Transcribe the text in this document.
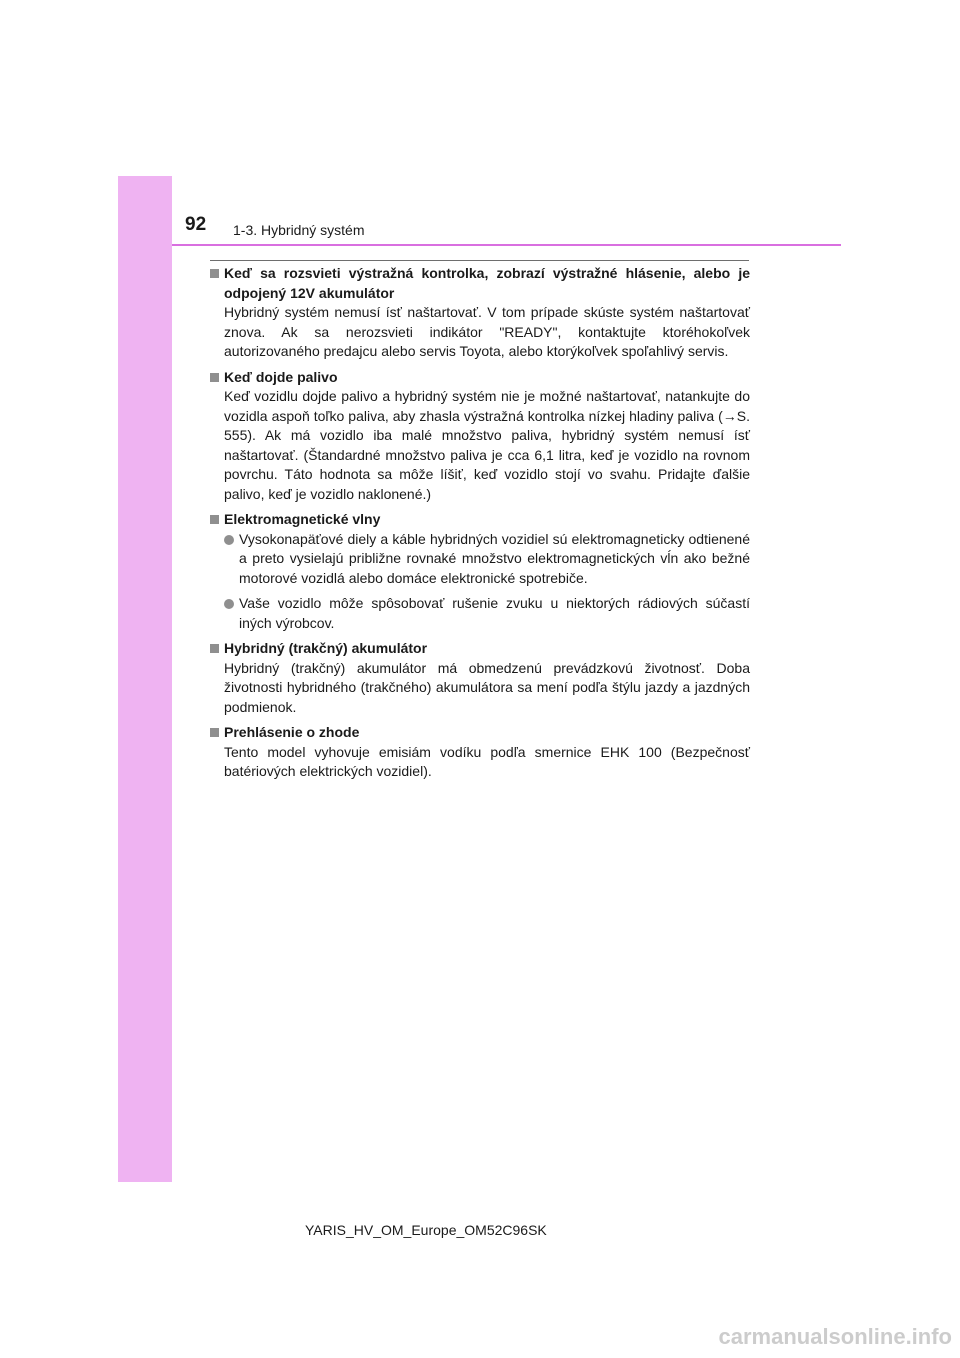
92 1-3. Hybridný systém
Keď sa rozsvieti výstražná kontrolka, zobrazí výstražné hlásenie, alebo je odpojený 12V akumulátor
Hybridný systém nemusí ísť naštartovať. V tom prípade skúste systém naštartovať znova. Ak sa nerozsvieti indikátor "READY", kontaktujte ktoréhokoľvek autorizovaného predajcu alebo servis Toyota, alebo ktorýkoľvek spoľahlivý servis.
Keď dojde palivo
Keď vozidlu dojde palivo a hybridný systém nie je možné naštartovať, natankujte do vozidla aspoň toľko paliva, aby zhasla výstražná kontrolka nízkej hladiny paliva (→S. 555). Ak má vozidlo iba malé množstvo paliva, hybridný systém nemusí ísť naštartovať. (Štandardné množstvo paliva je cca 6,1 litra, keď je vozidlo na rovnom povrchu. Táto hodnota sa môže líšiť, keď vozidlo stojí vo svahu. Pridajte ďalšie palivo, keď je vozidlo naklonené.)
Elektromagnetické vlny
Vysokonapäťové diely a káble hybridných vozidiel sú elektromagneticky odtienené a preto vysielajú približne rovnaké množstvo elektromagnetických vĺn ako bežné motorové vozidlá alebo domáce elektronické spotrebiče.
Vaše vozidlo môže spôsobovať rušenie zvuku u niektorých rádiových súčastí iných výrobcov.
Hybridný (trakčný) akumulátor
Hybridný (trakčný) akumulátor má obmedzenú prevádzkovú životnosť. Doba životnosti hybridného (trakčného) akumulátora sa mení podľa štýlu jazdy a jazdných podmienok.
Prehlásenie o zhode
Tento model vyhovuje emisiám vodíku podľa smernice EHK 100 (Bezpečnosť batériových elektrických vozidiel).
YARIS_HV_OM_Europe_OM52C96SK
carmanualsonline.info
